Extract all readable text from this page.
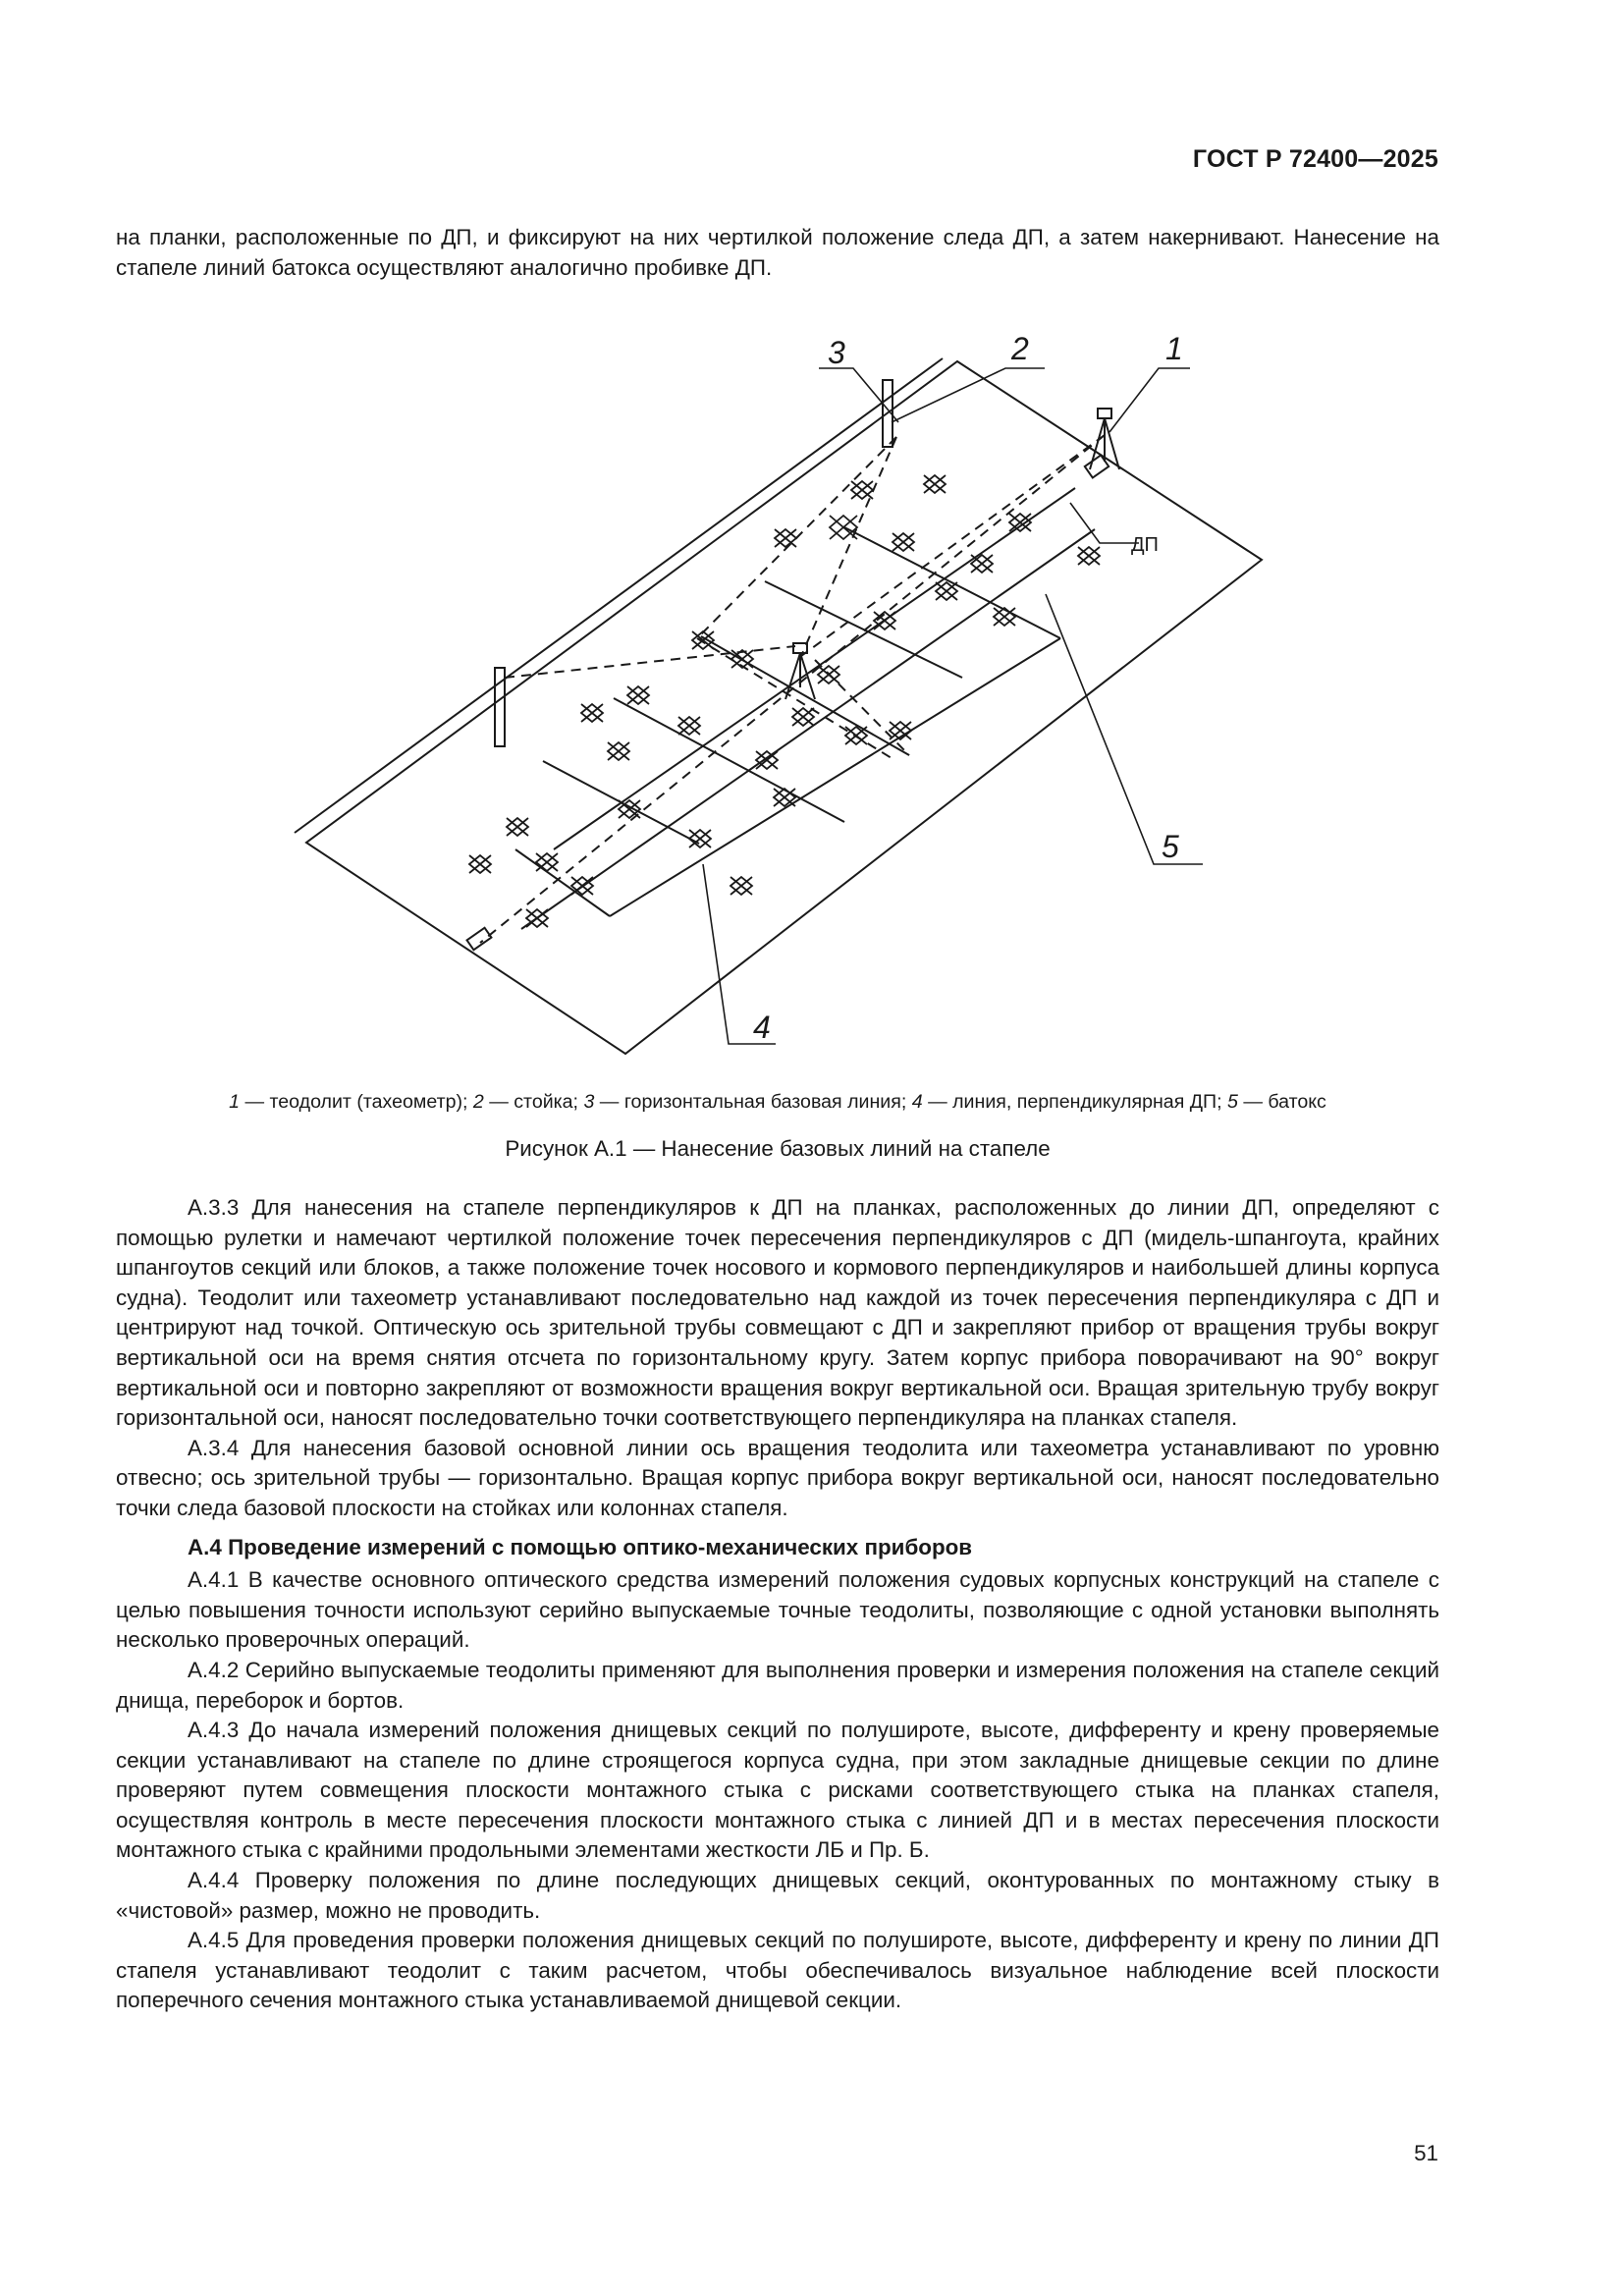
ГОСТ Р 72400—2025

на планки, расположенные по ДП, и фиксируют на них чертилкой положение следа ДП, а затем накернивают. Нанесение на стапеле линий батокса осуществляют аналогично пробивке ДП.

3	2	1
5
4
ДП
1 — теодолит (тахеометр); 2 — стойка; 3 — горизонтальная базовая линия; 4 — линия, перпендикулярная ДП; 5 — батокс
Рисунок А.1 — Нанесение базовых линий на стапеле

А.3.3 Для нанесения на стапеле перпендикуляров к ДП на планках, расположенных до линии ДП, определяют с помощью рулетки и намечают чертилкой положение точек пересечения перпендикуляров с ДП (мидель-шпангоута, крайних шпангоутов секций или блоков, а также положение точек носового и кормового перпендикуляров и наибольшей длины корпуса судна). Теодолит или тахеометр устанавливают последовательно над каждой из точек пересечения перпендикуляра с ДП и центрируют над точкой. Оптическую ось зрительной трубы совмещают с ДП и закрепляют прибор от вращения трубы вокруг вертикальной оси на время снятия отсчета по горизонтальному кругу. Затем корпус прибора поворачивают на 90° вокруг вертикальной оси и повторно закрепляют от возможности вращения вокруг вертикальной оси. Вращая зрительную трубу вокруг горизонтальной оси, наносят последовательно точки соответствующего перпендикуляра на планках стапеля.

А.3.4 Для нанесения базовой основной линии ось вращения теодолита или тахеометра устанавливают по уровню отвесно; ось зрительной трубы — горизонтально. Вращая корпус прибора вокруг вертикальной оси, наносят последовательно точки следа базовой плоскости на стойках или колоннах стапеля.

А.4 Проведение измерений с помощью оптико-механических приборов

А.4.1 В качестве основного оптического средства измерений положения судовых корпусных конструкций на стапеле с целью повышения точности используют серийно выпускаемые точные теодолиты, позволяющие с одной установки выполнять несколько проверочных операций.

А.4.2 Серийно выпускаемые теодолиты применяют для выполнения проверки и измерения положения на стапеле секций днища, переборок и бортов.

А.4.3 До начала измерений положения днищевых секций по полуширотe, высоте, дифференту и крену проверяемые секции устанавливают на стапеле по длине строящегося корпуса судна, при этом закладные днищевые секции по длине проверяют путем совмещения плоскости монтажного стыка с рисками соответствующего стыка на планках стапеля, осуществляя контроль в месте пересечения плоскости монтажного стыка с линией ДП и в местах пересечения плоскости монтажного стыка с крайними продольными элементами жесткости ЛБ и Пр. Б.

А.4.4 Проверку положения по длине последующих днищевых секций, оконтурованных по монтажному стыку в «чистовой» размер, можно не проводить.

А.4.5 Для проведения проверки положения днищевых секций по полуширотe, высоте, дифференту и крену по линии ДП стапеля устанавливают теодолит с таким расчетом, чтобы обеспечивалось визуальное наблюдение всей плоскости поперечного сечения монтажного стыка устанавливаемой днищевой секции.

51
